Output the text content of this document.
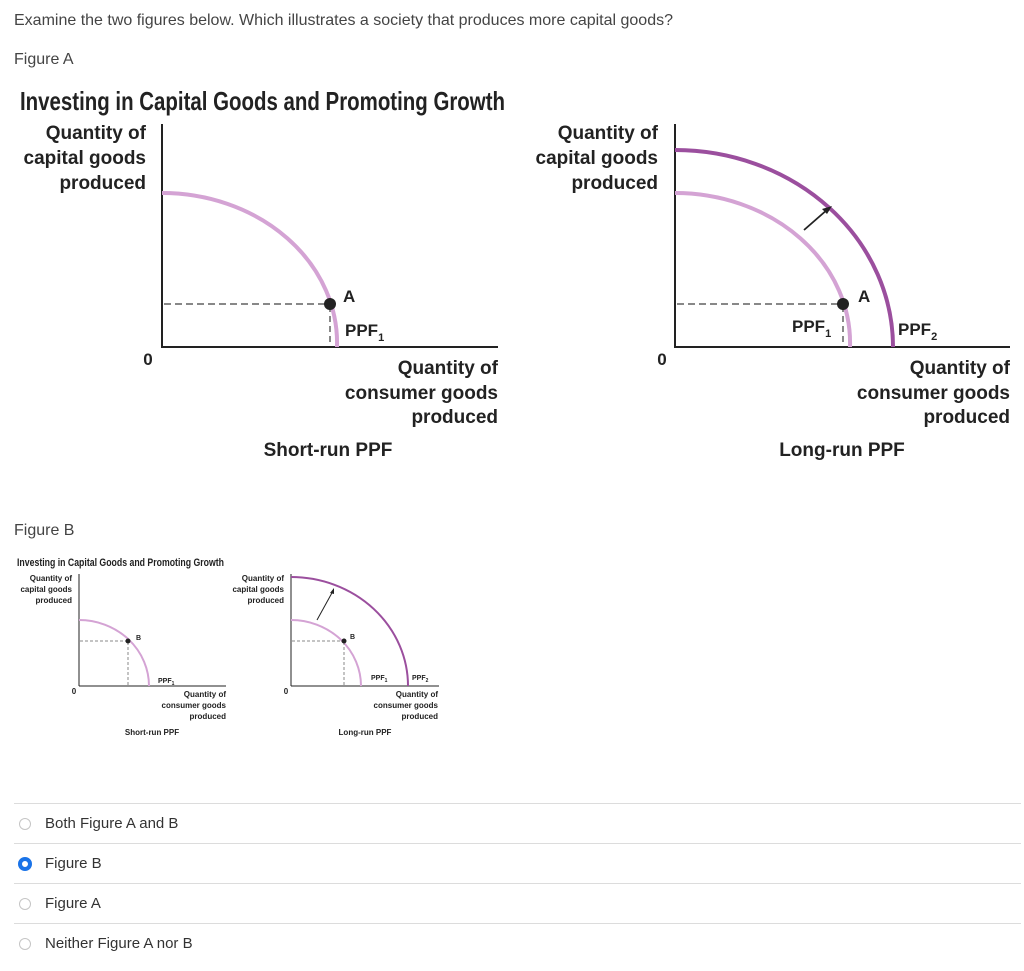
Examine the two figures below. Which illustrates a society that produces more capital goods?
Figure A
Investing in Capital Goods and Promoting Growth
Quantity of
capital goods
produced
0
A
$PPF_1$
Quantity of
consumer goods
produced
Short-run PPF
Quantity of
capital goods
produced
0
A
$PPF_1$	$PPF_2$
Quantity of
consumer goods
produced
Long-run PPF
Figure B
Investing in Capital Goods and Promoting Growth
Quantity of
capital goods
produced
0
B
$PPF_1$
Quantity of
consumer goods
produced
Short-run PPF
Quantity of
capital goods
produced
0
B
$PPF_1$	$PPF_2$
Quantity of
consumer goods
produced
Long-run PPF
Both Figure A and B
Figure B
Figure A
Neither Figure A nor B
